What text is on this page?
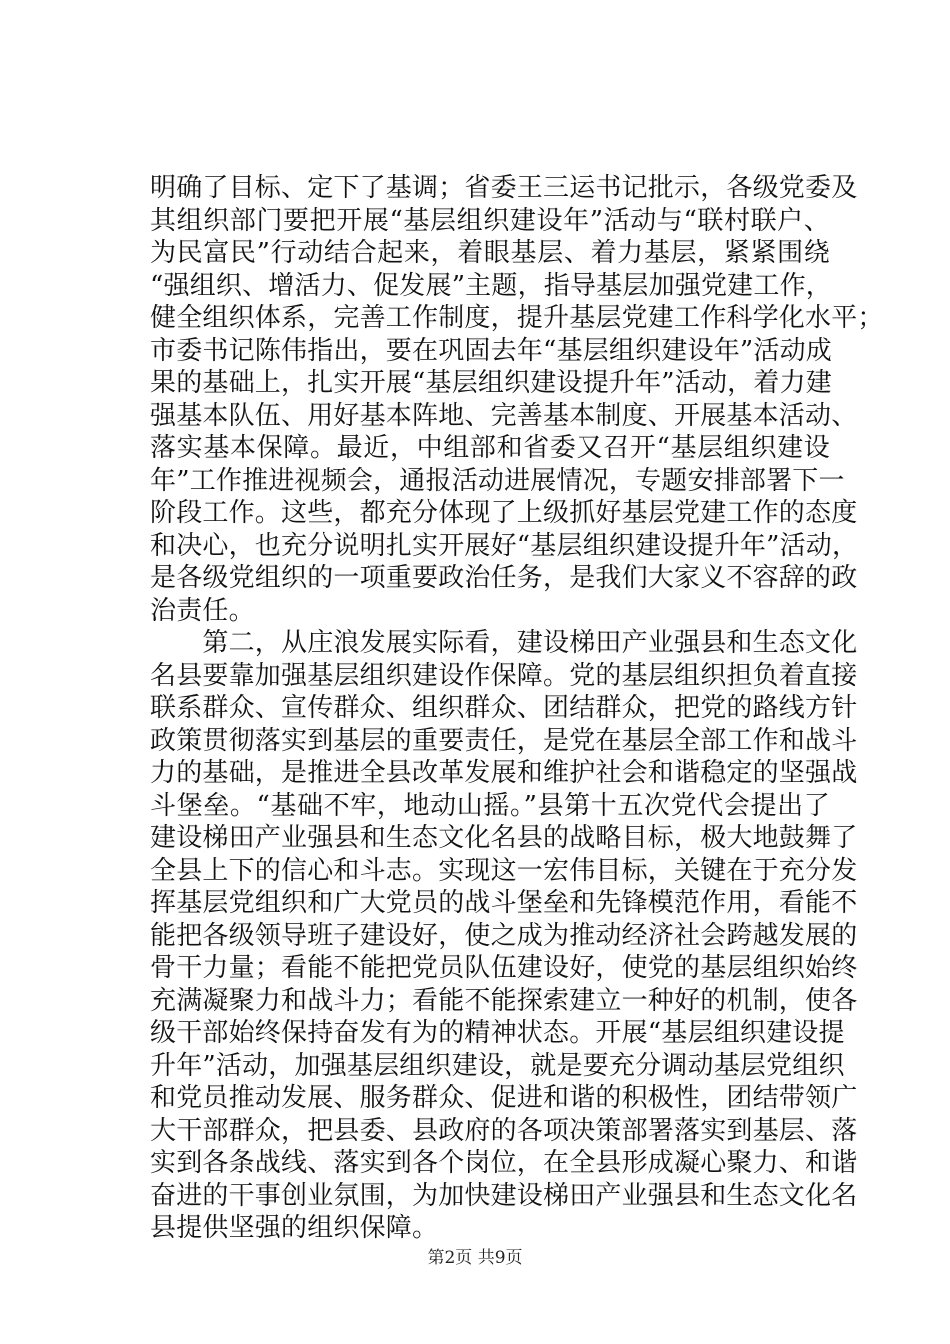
明确了目标、定下了基调；省委王三运书记批示，各级党委及
其组织部门要把开展“基层组织建设年”活动与“联村联户、
为民富民”行动结合起来，着眼基层、着力基层，紧紧围绕
“强组织、增活力、促发展”主题，指导基层加强党建工作，
健全组织体系，完善工作制度，提升基层党建工作科学化水平；
市委书记陈伟指出，要在巩固去年“基层组织建设年”活动成
果的基础上，扎实开展“基层组织建设提升年”活动，着力建
强基本队伍、用好基本阵地、完善基本制度、开展基本活动、
落实基本保障。最近，中组部和省委又召开“基层组织建设
年”工作推进视频会，通报活动进展情况，专题安排部署下一
阶段工作。这些，都充分体现了上级抓好基层党建工作的态度
和决心，也充分说明扎实开展好“基层组织建设提升年”活动，
是各级党组织的一项重要政治任务，是我们大家义不容辞的政
治责任。
　　第二，从庄浪发展实际看，建设梯田产业强县和生态文化
名县要靠加强基层组织建设作保障。党的基层组织担负着直接
联系群众、宣传群众、组织群众、团结群众，把党的路线方针
政策贯彻落实到基层的重要责任，是党在基层全部工作和战斗
力的基础，是推进全县改革发展和维护社会和谐稳定的坚强战
斗堡垒。“基础不牢，地动山摇。”县第十五次党代会提出了
建设梯田产业强县和生态文化名县的战略目标，极大地鼓舞了
全县上下的信心和斗志。实现这一宏伟目标，关键在于充分发
挥基层党组织和广大党员的战斗堡垒和先锋模范作用，看能不
能把各级领导班子建设好，使之成为推动经济社会跨越发展的
骨干力量；看能不能把党员队伍建设好，使党的基层组织始终
充满凝聚力和战斗力；看能不能探索建立一种好的机制，使各
级干部始终保持奋发有为的精神状态。开展“基层组织建设提
升年”活动，加强基层组织建设，就是要充分调动基层党组织
和党员推动发展、服务群众、促进和谐的积极性，团结带领广
大干部群众，把县委、县政府的各项决策部署落实到基层、落
实到各条战线、落实到各个岗位，在全县形成凝心聚力、和谐
奋进的干事创业氛围，为加快建设梯田产业强县和生态文化名
县提供坚强的组织保障。
第2页 共9页
